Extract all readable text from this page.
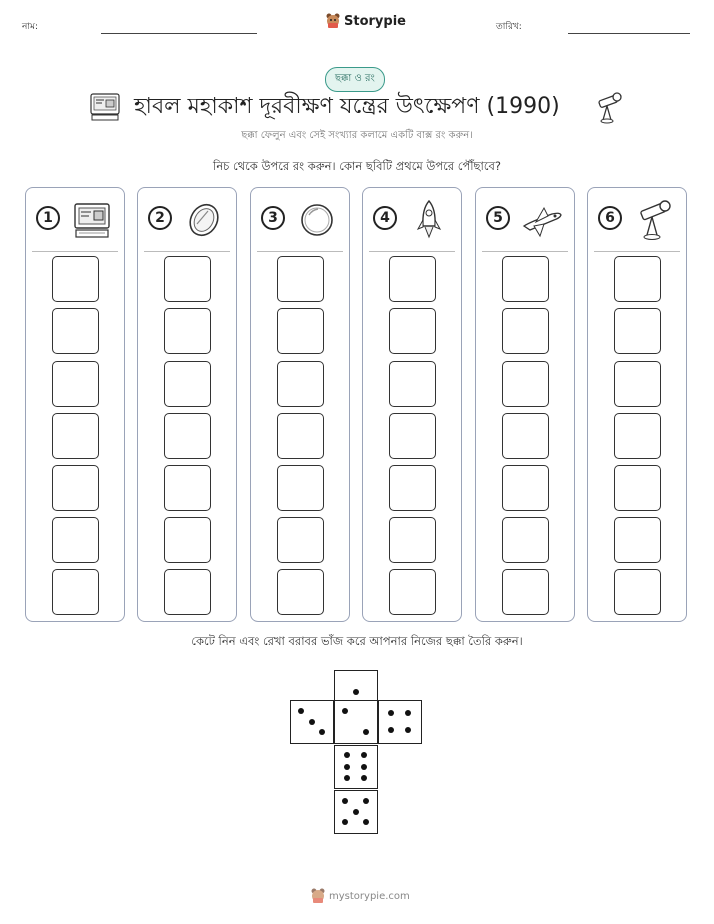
নাম:	Storypie	তারিখ:
ছক্কা ও রং
হাবল মহাকাশ দূরবীক্ষণ যন্ত্রের উৎক্ষেপণ (1990)
ছক্কা ফেলুন এবং সেই সংখ্যার কলামে একটি বাক্স রং করুন।
নিচ থেকে উপরে রং করুন। কোন ছবিটি প্রথমে উপরে পৌঁছাবে?
1	2	3	4	5	6
কেটে নিন এবং রেখা বরাবর ভাঁজ করে আপনার নিজের ছক্কা তৈরি করুন।
mystorypie.com
